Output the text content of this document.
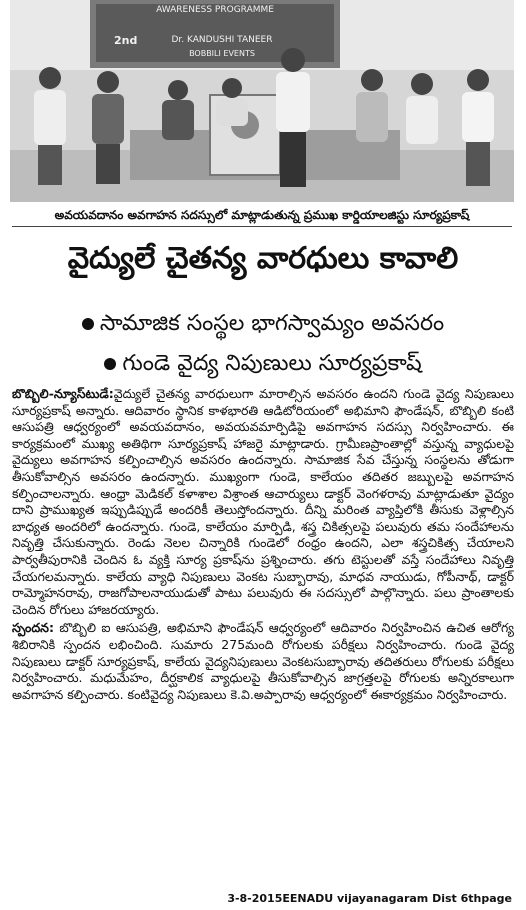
AWARENESS PROGRAMME
2nd	Dr. KANDUSHI TANEER
BOBBILI EVENTS
అవయవదానం అవగాహన సదస్సులో మాట్లాడుతున్న ప్రముఖ కార్డియాలజిస్టు సూర్యప్రకాష్
వైద్యులే చైతన్య వారధులు కావాలి
సామాజిక సంస్థల భాగస్వామ్యం అవసరం
గుండె వైద్య నిపుణులు సూర్యప్రకాష్

బొబ్బిలి-న్యూస్‌టుడే:వైద్యులే చైతన్య వారధులుగా మారాల్సిన అవసరం ఉందని గుండె వైద్య నిపుణులు సూర్యప్రకాష్ అన్నారు. ఆదివారం స్థానిక కాళభారతి ఆడిటోరియంలో అభిమాని ఫౌండేషన్, బొబ్బిలి కంటి ఆసుపత్రి ఆధ్వర్యంలో అవయవదానం, అవయవమార్పిడిపై అవగాహన సదస్సు నిర్వహించారు. ఈ కార్యక్రమంలో ముఖ్య అతిథిగా సూర్యప్రకాష్ హాజరై మాట్లాడారు. గ్రామీణప్రాంతాల్లో వస్తున్న వ్యాధులపై వైద్యులు అవగాహన కల్పించాల్సిన అవసరం ఉందన్నారు. సామాజిక సేవ చేస్తున్న సంస్థలను తోడుగా తీసుకోవాల్సిన అవసరం ఉందన్నారు. ముఖ్యంగా గుండె, కాలేయం తదితర జబ్బులపై అవగాహన కల్పించాలన్నారు. ఆంధ్రా మెడికల్ కళాశాల విశ్రాంత ఆచార్యులు డాక్టర్ వెంగళరావు మాట్లాడుతూ వైద్యం దాని ప్రాముఖ్యత ఇప్పుడిప్పుడే అందరికీ తెలుస్తోందన్నారు. దీన్ని మరింత వ్యాప్తిలోకి తీసుకు వెళ్లాల్సిన బాధ్యత అందరిలో ఉందన్నారు. గుండె, కాలేయం మార్పిడి, శస్త్ర చికిత్సలపై పలువురు తమ సందేహాలను నివృత్తి చేసుకున్నారు. రెండు నెలల చిన్నారికి గుండెలో రంధ్రం ఉందని, ఎలా శస్త్రచికిత్స చేయాలని పార్వతీపురానికి చెందిన ఓ వ్యక్తి సూర్య ప్రకాష్‌ను ప్రశ్నించారు. తగు టెస్టులతో వస్తే సందేహాలు నివృత్తి చేయగలమన్నారు. కాలేయ వ్యాధి నిపుణులు వెంకట సుబ్బారావు, మాధవ నాయుడు, గోపీనాథ్, డాక్టర్ రామ్మోహనరావు, రాజగోపాలనాయుడుతో పాటు పలువురు ఈ సదస్సులో పాల్గొన్నారు. పలు ప్రాంతాలకు చెందిన రోగులు హాజరయ్యారు.

స్పందన: బొబ్బిలి ఐ ఆసుపత్రి, అభిమాని ఫౌండేషన్ ఆధ్వర్యంలో ఆదివారం నిర్వహించిన ఉచిత ఆరోగ్య శిబిరానికి స్పందన లభించింది. సుమారు 275మంది రోగులకు పరీక్షలు నిర్వహించారు. గుండె వైద్య నిపుణులు డాక్టర్ సూర్యప్రకాష్, కాలేయ వైద్యనిపుణులు వెంకటసుబ్బారావు తదితరులు రోగులకు పరీక్షలు నిర్వహించారు. మధుమేహం, దీర్ఘకాలిక వ్యాధులపై తీసుకోవాల్సిన జాగ్రత్తలపై రోగులకు అన్నిరకాలుగా అవగాహన కల్పించారు. కంటివైద్య నిపుణులు కె.వి.అప్పారావు ఆధ్వర్యంలో ఈకార్యక్రమం నిర్వహించారు.

3-8-2015EENADU vijayanagaram Dist 6thpage
